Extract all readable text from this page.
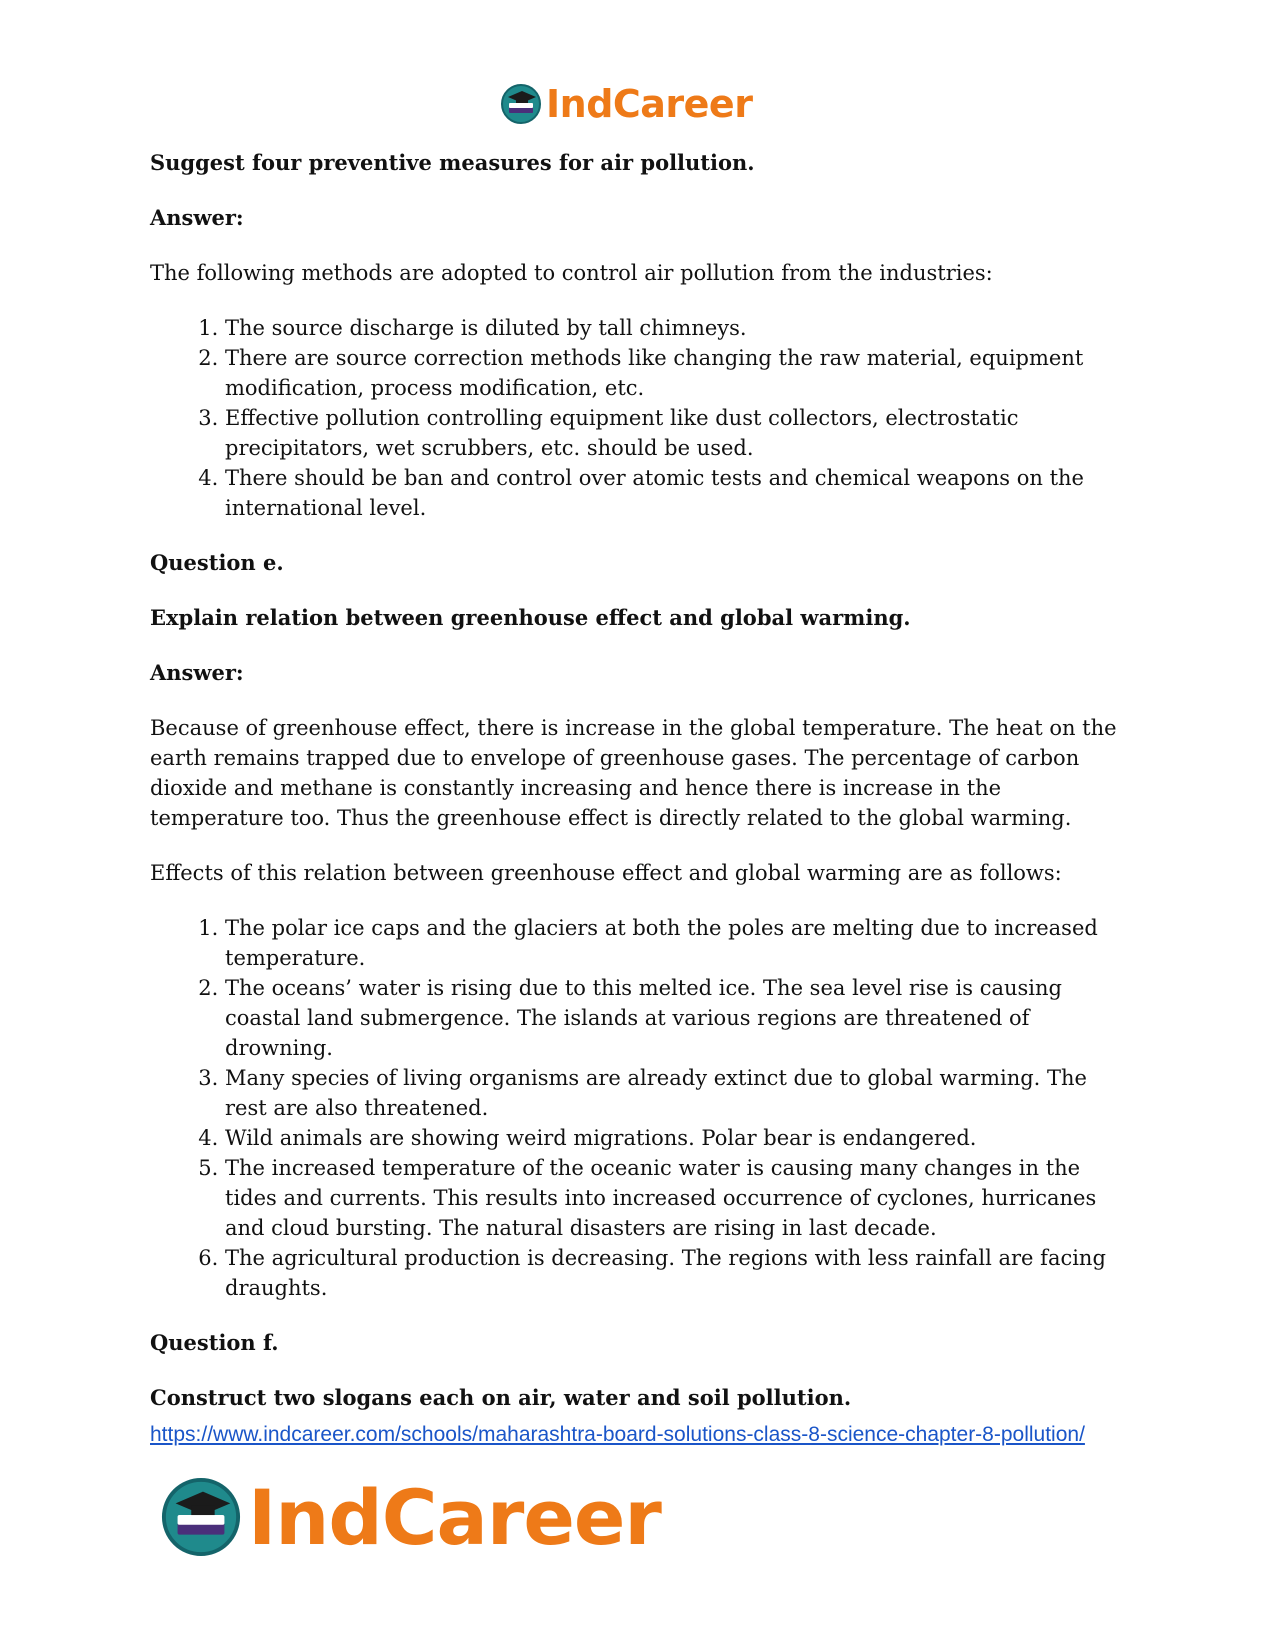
IndCareer

Suggest four preventive measures for air pollution.

Answer:

The following methods are adopted to control air pollution from the industries:

1. The source discharge is diluted by tall chimneys.
2. There are source correction methods like changing the raw material, equipment modification, process modification, etc.
3. Effective pollution controlling equipment like dust collectors, electrostatic precipitators, wet scrubbers, etc. should be used.
4. There should be ban and control over atomic tests and chemical weapons on the international level.

Question e.

Explain relation between greenhouse effect and global warming.

Answer:

Because of greenhouse effect, there is increase in the global temperature. The heat on the earth remains trapped due to envelope of greenhouse gases. The percentage of carbon dioxide and methane is constantly increasing and hence there is increase in the temperature too. Thus the greenhouse effect is directly related to the global warming.

Effects of this relation between greenhouse effect and global warming are as follows:

1. The polar ice caps and the glaciers at both the poles are melting due to increased temperature.
2. The oceans’ water is rising due to this melted ice. The sea level rise is causing coastal land submergence. The islands at various regions are threatened of drowning.
3. Many species of living organisms are already extinct due to global warming. The rest are also threatened.
4. Wild animals are showing weird migrations. Polar bear is endangered.
5. The increased temperature of the oceanic water is causing many changes in the tides and currents. This results into increased occurrence of cyclones, hurricanes and cloud bursting. The natural disasters are rising in last decade.
6. The agricultural production is decreasing. The regions with less rainfall are facing draughts.

Question f.

Construct two slogans each on air, water and soil pollution.

https://www.indcareer.com/schools/maharashtra-board-solutions-class-8-science-chapter-8-pollution/
IndCareer
